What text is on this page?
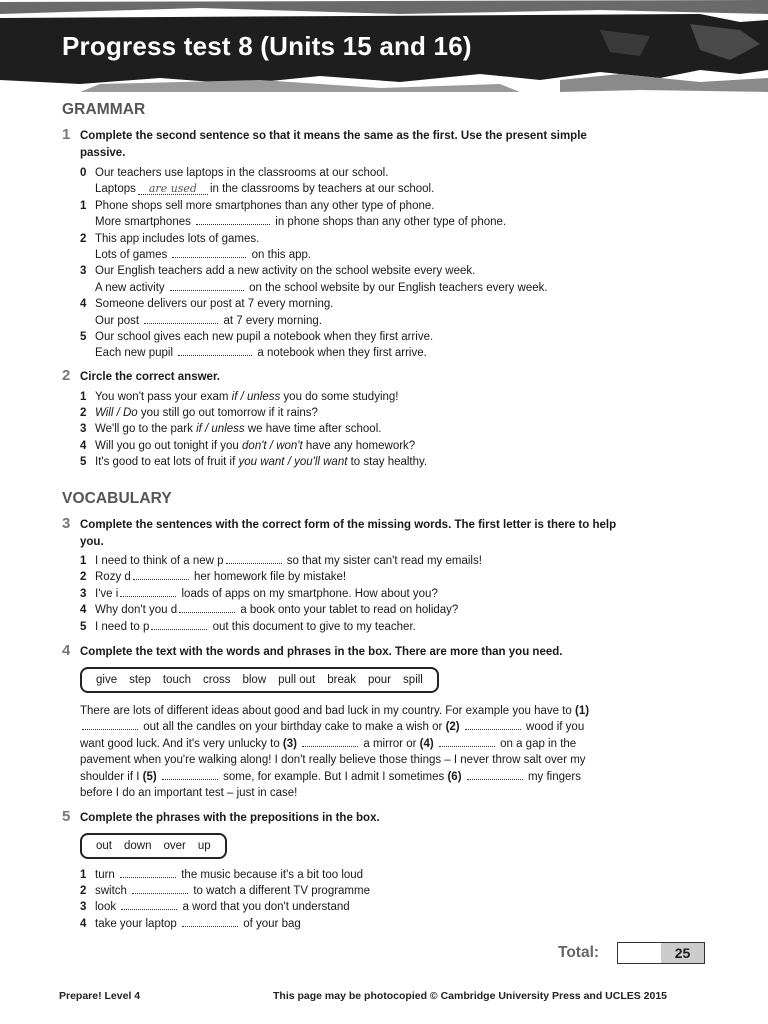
Progress test 8 (Units 15 and 16)
GRAMMAR
1 Complete the second sentence so that it means the same as the first. Use the present simple passive.
0 Our teachers use laptops in the classrooms at our school.
Laptops are used in the classrooms by teachers at our school.
1 Phone shops sell more smartphones than any other type of phone.
More smartphones	in phone shops than any other type of phone.
2 This app includes lots of games.
Lots of games	on this app.
3 Our English teachers add a new activity on the school website every week.
A new activity	on the school website by our English teachers every week.
4 Someone delivers our post at 7 every morning.
Our post	at 7 every morning.
5 Our school gives each new pupil a notebook when they first arrive.
Each new pupil	a notebook when they first arrive.
2 Circle the correct answer.
1 You won't pass your exam if / unless you do some studying!
2 Will / Do you still go out tomorrow if it rains?
3 We'll go to the park if / unless we have time after school.
4 Will you go out tonight if you don't / won't have any homework?
5 It's good to eat lots of fruit if you want / you'll want to stay healthy.
VOCABULARY
3 Complete the sentences with the correct form of the missing words. The first letter is there to help you.
1 I need to think of a new p	so that my sister can't read my emails!
2 Rozy d	her homework file by mistake!
3 I've i	loads of apps on my smartphone. How about you?
4 Why don't you d	a book onto your tablet to read on holiday?
5 I need to p	out this document to give to my teacher.
4 Complete the text with the words and phrases in the box. There are more than you need.
give step touch cross blow pull out break pour spill
There are lots of different ideas about good and bad luck in my country. For example you have to (1)  out all the candles on your birthday cake to make a wish or (2)	wood if you want good luck. And it's very unlucky to (3)	a mirror or (4)	on a gap in the pavement when you're walking along! I don't really believe those things – I never throw salt over my shoulder if I (5)	some, for example. But I admit I sometimes (6)	my fingers before I do an important test – just in case!
5 Complete the phrases with the prepositions in the box.
out down over up
1 turn	the music because it's a bit too loud
2 switch	to watch a different TV programme
3 look	a word that you don't understand
4 take your laptop	of your bag
Total:	25
Prepare! Level 4	This page may be photocopied © Cambridge University Press and UCLES 2015
